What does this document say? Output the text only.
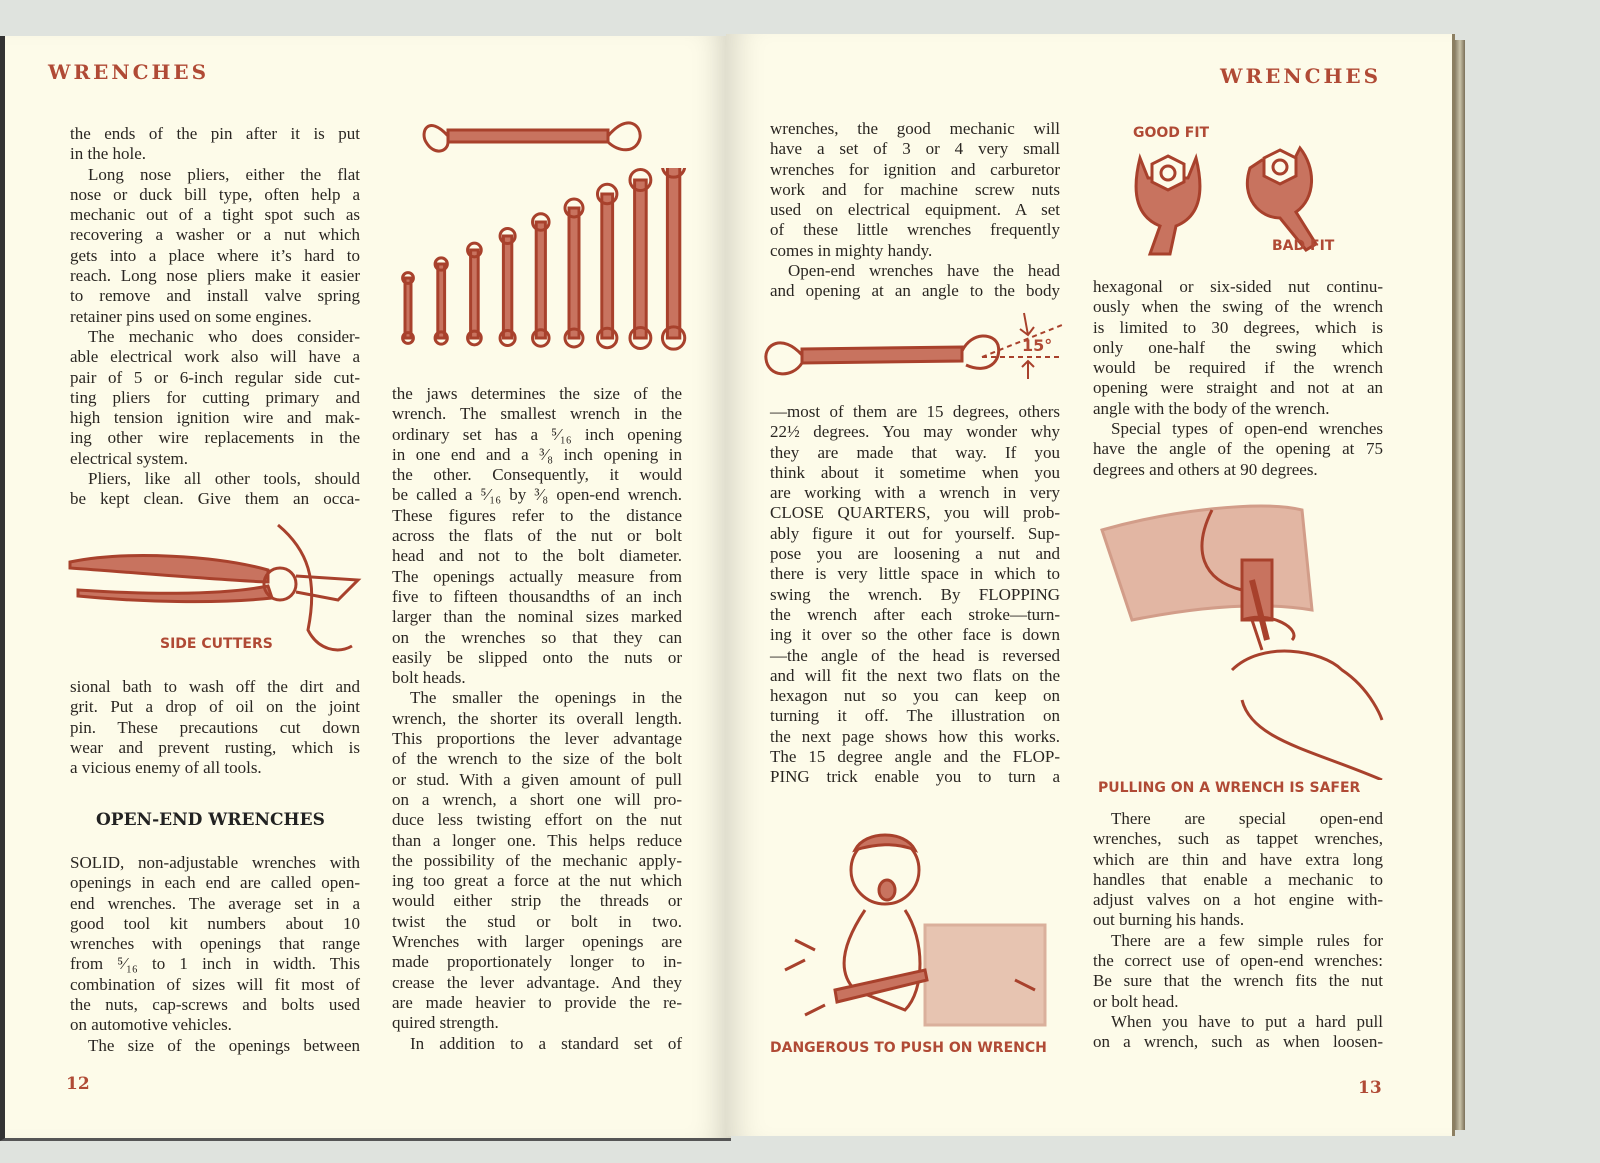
WRENCHES	WRENCHES
the ends of the pin after it is put
in the hole.
Long nose pliers, either the flat
nose or duck bill type, often help a
mechanic out of a tight spot such as
recovering a washer or a nut which
gets into a place where it’s hard to
reach. Long nose pliers make it easier
to remove and install valve spring
retainer pins used on some engines.
The mechanic who does consider-
able electrical work also will have a
pair of 5 or 6-inch regular side cut-
ting pliers for cutting primary and
high tension ignition wire and mak-
ing other wire replacements in the
electrical system.
Pliers, like all other tools, should
be kept clean. Give them an occa-
sional bath to wash off the dirt and
grit. Put a drop of oil on the joint
pin. These precautions cut down
wear and prevent rusting, which is
a vicious enemy of all tools.
OPEN-END WRENCHES
SOLID, non-adjustable wrenches with
openings in each end are called open-
end wrenches. The average set in a
good tool kit numbers about 10
wrenches with openings that range
from ⁵⁄₁₆ to 1 inch in width. This
combination of sizes will fit most of
the nuts, cap-screws and bolts used
on automotive vehicles.
The size of the openings between
the jaws determines the size of the
wrench. The smallest wrench in the
ordinary set has a ⁵⁄₁₆ inch opening
in one end and a ³⁄₈ inch opening in
the other. Consequently, it would
be called a ⁵⁄₁₆ by ³⁄₈ open-end wrench.
These figures refer to the distance
across the flats of the nut or bolt
head and not to the bolt diameter.
The openings actually measure from
five to fifteen thousandths of an inch
larger than the nominal sizes marked
on the wrenches so that they can
easily be slipped onto the nuts or
bolt heads.
The smaller the openings in the
wrench, the shorter its overall length.
This proportions the lever advantage
of the wrench to the size of the bolt
or stud. With a given amount of pull
on a wrench, a short one will pro-
duce less twisting effort on the nut
than a longer one. This helps reduce
the possibility of the mechanic apply-
ing too great a force at the nut which
would either strip the threads or
twist the stud or bolt in two.
Wrenches with larger openings are
made proportionately longer to in-
crease the lever advantage. And they
are made heavier to provide the re-
quired strength.
In addition to a standard set of
wrenches, the good mechanic will
have a set of 3 or 4 very small
wrenches for ignition and carburetor
work and for machine screw nuts
used on electrical equipment. A set
of these little wrenches frequently
comes in mighty handy.
Open-end wrenches have the head
and opening at an angle to the body
—most of them are 15 degrees, others
22½ degrees. You may wonder why
they are made that way. If you
think about it sometime when you
are working with a wrench in very
CLOSE QUARTERS, you will prob-
ably figure it out for yourself. Sup-
pose you are loosening a nut and
there is very little space in which to
swing the wrench. By FLOPPING
the wrench after each stroke—turn-
ing it over so the other face is down
—the angle of the head is reversed
and will fit the next two flats on the
hexagon nut so you can keep on
turning it off. The illustration on
the next page shows how this works.
The 15 degree angle and the FLOP-
PING trick enable you to turn a
hexagonal or six-sided nut continu-
ously when the swing of the wrench
is limited to 30 degrees, which is
only one-half the swing which
would be required if the wrench
opening were straight and not at an
angle with the body of the wrench.
Special types of open-end wrenches
have the angle of the opening at 75
degrees and others at 90 degrees.
There are special open-end
wrenches, such as tappet wrenches,
which are thin and have extra long
handles that enable a mechanic to
adjust valves on a hot engine with-
out burning his hands.
There are a few simple rules for
the correct use of open-end wrenches:
Be sure that the wrench fits the nut
or bolt head.
When you have to put a hard pull
on a wrench, such as when loosen-
12	13
SIDE CUTTERS
GOOD FIT
BAD FIT
15°
PULLING ON A WRENCH IS SAFER
DANGEROUS TO PUSH ON WRENCH
